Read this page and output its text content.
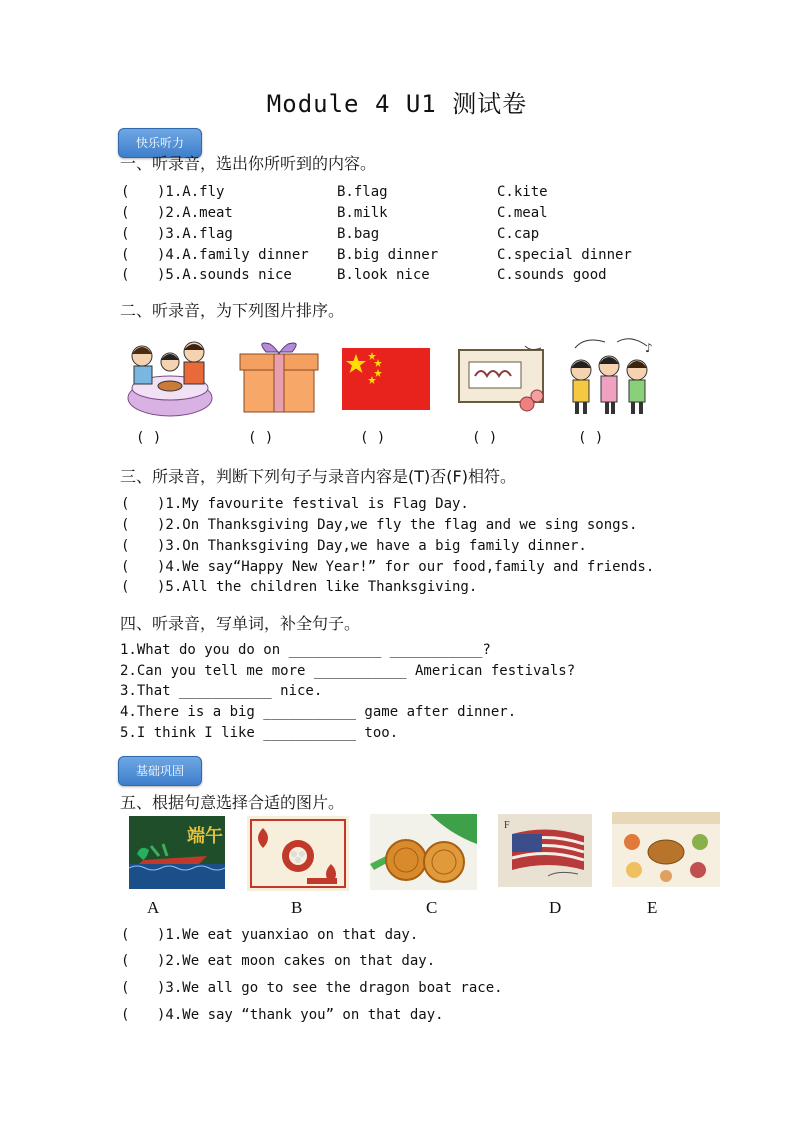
Module 4 U1 测试卷
快乐听力
一、听录音，选出你所听到的内容。
( )1.A.fly	B.flag	C.kite
( )2.A.meat	B.milk	C.meal
( )3.A.flag	B.bag	C.cap
( )4.A.family dinner B.big dinner	C.special dinner
( )5.A.sounds nice	B.look nice	C.sounds good
二、听录音，为下列图片排序。
♪
( )	( )	( )	( )	( )
三、所录音，判断下列句子与录音内容是(T)否(F)相符。
( )1.My favourite festival is Flag Day.
( )2.On Thanksgiving Day,we fly the flag and we sing songs.
( )3.On Thanksgiving Day,we have a big family dinner.
( )4.We say“Happy New Year!” for our food,family and friends.
( )5.All the children like Thanksgiving.
四、听录音，写单词，补全句子。
1.What do you do on ___________ ___________?
2.Can you tell me more ___________ American festivals?
3.That ___________ nice.
4.There is a big ___________ game after dinner.
5.I think I like ___________ too.
基础巩固
五、根据句意选择合适的图片。
端午
F
A	B	C	D	E
( )1.We eat yuanxiao on that day.
( )2.We eat moon cakes on that day.
( )3.We all go to see the dragon boat race.
( )4.We say “thank you” on that day.
